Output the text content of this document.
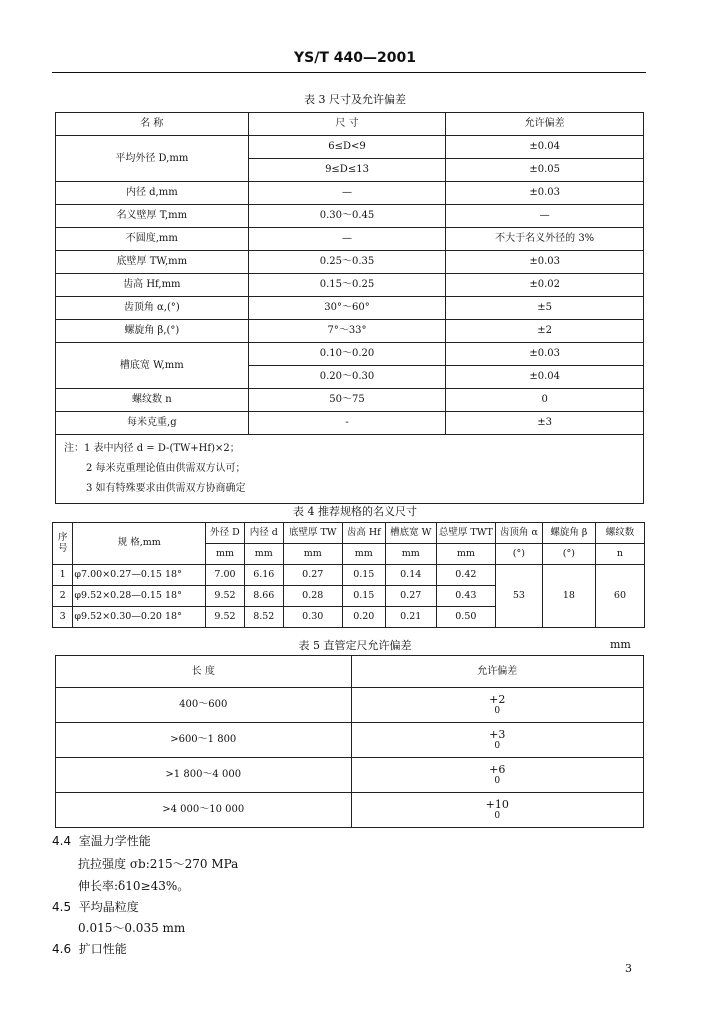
YS/T 440—2001
表 3 尺寸及允许偏差
名 称	尺 寸	允许偏差
平均外径 D,mm	6≤D<9	±0.04
	9≤D≤13	±0.05
内径 d,mm	—	±0.03
名义壁厚 T,mm	0.30～0.45	—
不圆度,mm	—	不大于名义外径的 3%
底壁厚 TW,mm	0.25～0.35	±0.03
齿高 Hf,mm	0.15～0.25	±0.02
齿顶角 α,(°)	30°～60°	±5
螺旋角 β,(°)	7°～33°	±2
槽底宽 W,mm	0.10～0.20	±0.03
	0.20～0.30	±0.04
螺纹数 n	50～75	0
每米克重,g	-	±3

注：1 表中内径 d = D-(TW+Hf)×2；
2 每米克重理论值由供需双方认可；
3 如有特殊要求由供需双方协商确定		
表 4 推荐规格的名义尺寸
序号	规 格,mm	外径 D	内径 d	底壁厚 TW	齿高 Hf	槽底宽 W	总壁厚 TWT	齿顶角 α	螺旋角 β	螺纹数
		mm	mm	mm	mm	mm	mm	(°)	(°)	n
1	φ7.00×0.27—0.15 18°	7.00	6.16	0.27	0.15	0.14	0.42	53	18	60
2	φ9.52×0.28—0.15 18°	9.52	8.66	0.28	0.15	0.27	0.43			
3	φ9.52×0.30—0.20 18°	9.52	8.52	0.30	0.20	0.21	0.50			
表 5 直管定尺允许偏差	mm
长 度	允许偏差
400～600	+2
0

>600～1 800	+3
0

>1 800～4 000	+6
0

>4 000～10 000	+10
0
4.4 室温力学性能
抗拉强度 σb:215～270 MPa
伸长率:δ10≥43%。
4.5 平均晶粒度
0.015～0.035 mm
4.6 扩口性能
3
